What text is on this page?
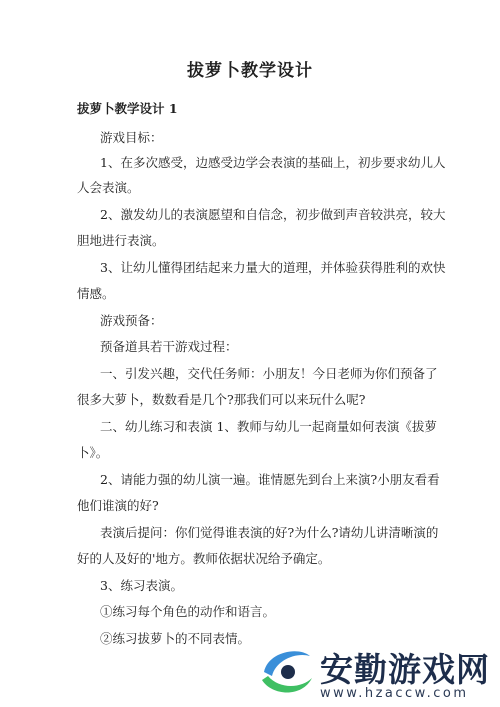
拔萝卜教学设计
拔萝卜教学设计 1
游戏目标：
1、在多次感受，边感受边学会表演的基础上，初步要求幼儿人
人会表演。
2、激发幼儿的表演愿望和自信念，初步做到声音较洪亮，较大
胆地进行表演。
3、让幼儿懂得团结起来力量大的道理，并体验获得胜利的欢快
情感。
游戏预备：
预备道具若干游戏过程：
一、引发兴趣，交代任务师：小朋友！今日老师为你们预备了
很多大萝卜，数数看是几个?那我们可以来玩什么呢?
二、幼儿练习和表演 1、教师与幼儿一起商量如何表演《拔萝
卜》。
2、请能力强的幼儿演一遍。谁情愿先到台上来演?小朋友看看
他们谁演的好?
表演后提问：你们觉得谁表演的好?为什么?请幼儿讲清晰演的
好的人及好的'地方。教师依据状况给予确定。
3、练习表演。
①练习每个角色的动作和语言。
②练习拔萝卜的不同表情。
安勤游戏网
www.hzaccw.com
